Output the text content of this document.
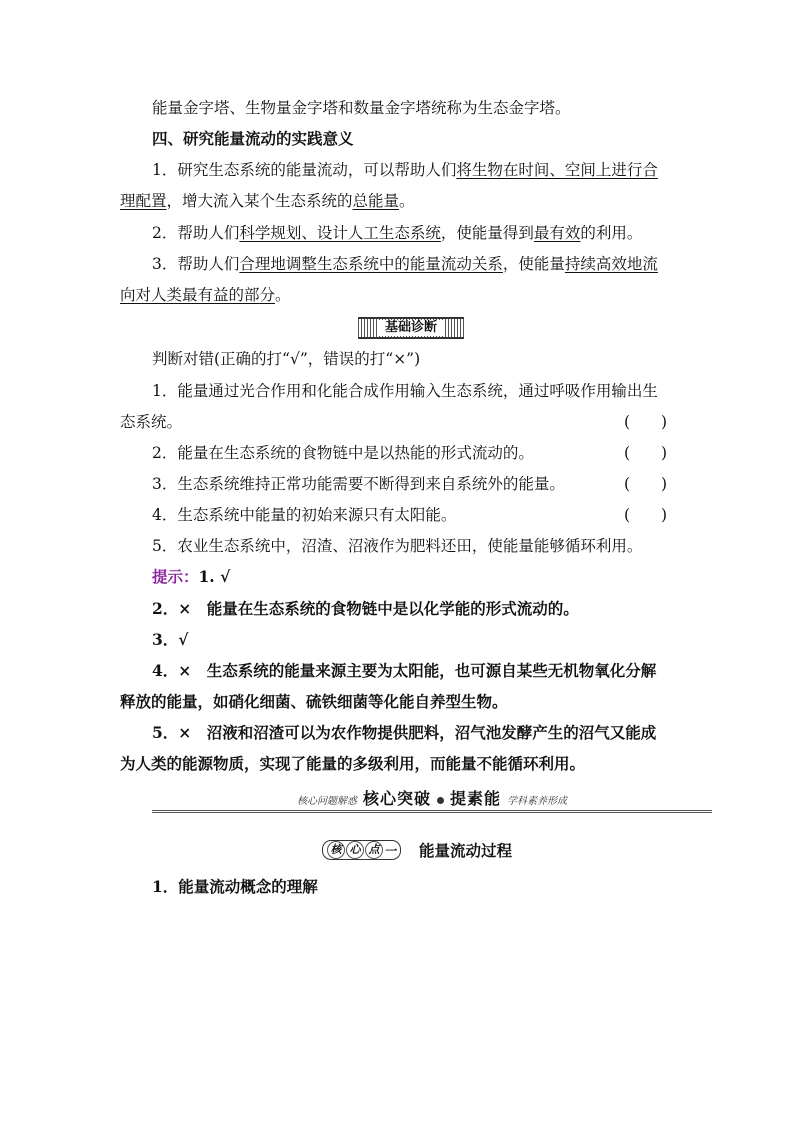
能量金字塔、生物量金字塔和数量金字塔统称为生态金字塔。
四、研究能量流动的实践意义
1．研究生态系统的能量流动，可以帮助人们将生物在时间、空间上进行合
理配置，增大流入某个生态系统的总能量。
2．帮助人们科学规划、设计人工生态系统，使能量得到最有效的利用。
3．帮助人们合理地调整生态系统中的能量流动关系，使能量持续高效地流
向对人类最有益的部分。
基础诊断
判断对错(正确的打“√”，错误的打“×”)
1．能量通过光合作用和化能合成作用输入生态系统，通过呼吸作用输出生
态系统。	(　　)
2．能量在生态系统的食物链中是以热能的形式流动的。	(　　)
3．生态系统维持正常功能需要不断得到来自系统外的能量。	(　　)
4．生态系统中能量的初始来源只有太阳能。	(　　)
5．农业生态系统中，沼渣、沼液作为肥料还田，使能量能够循环利用。
提示：1. √
2．×　能量在生态系统的食物链中是以化学能的形式流动的。
3．√
4．×　生态系统的能量来源主要为太阳能，也可源自某些无机物氧化分解
释放的能量，如硝化细菌、硫铁细菌等化能自养型生物。
5．×　沼液和沼渣可以为农作物提供肥料，沼气池发酵产生的沼气又能成
为人类的能源物质，实现了能量的多级利用，而能量不能循环利用。
核心问题解惑 核心突破 提素能 学科素养形成
核 心 点 一 能量流动过程
1．能量流动概念的理解
